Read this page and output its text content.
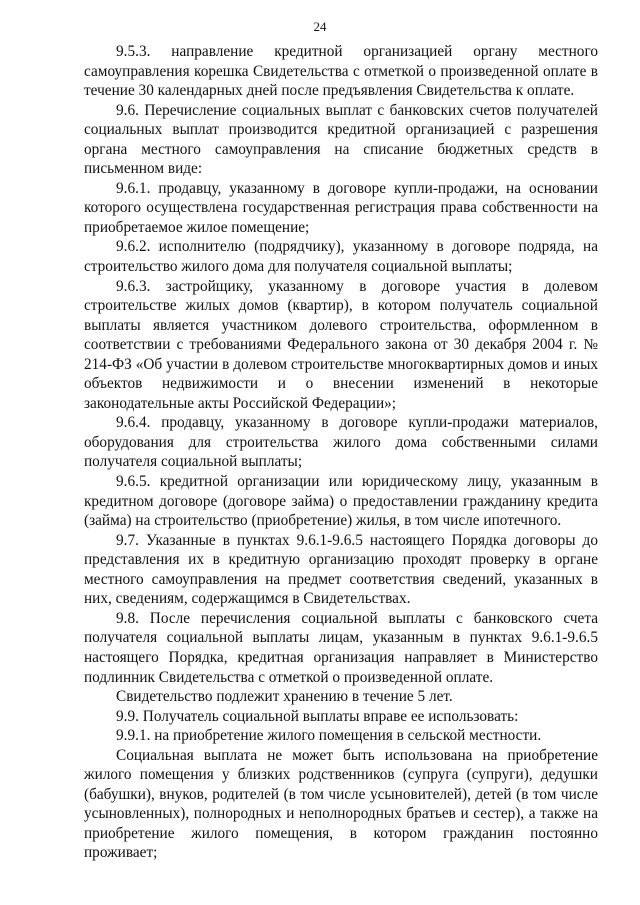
24

9.5.3. направление кредитной организацией органу местного самоуправления корешка Свидетельства с отметкой о произведенной оплате в течение 30 календарных дней после предъявления Свидетельства к оплате.

9.6. Перечисление социальных выплат с банковских счетов получателей социальных выплат производится кредитной организацией с разрешения органа местного самоуправления на списание бюджетных средств в письменном виде:

9.6.1. продавцу, указанному в договоре купли-продажи, на основании которого осуществлена государственная регистрация права собственности на приобретаемое жилое помещение;

9.6.2. исполнителю (подрядчику), указанному в договоре подряда, на строительство жилого дома для получателя социальной выплаты;

9.6.3. застройщику, указанному в договоре участия в долевом строительстве жилых домов (квартир), в котором получатель социальной выплаты является участником долевого строительства, оформленном в соответствии с требованиями Федерального закона от 30 декабря 2004 г. № 214-ФЗ «Об участии в долевом строительстве многоквартирных домов и иных объектов недвижимости и о внесении изменений в некоторые законодательные акты Российской Федерации»;

9.6.4. продавцу, указанному в договоре купли-продажи материалов, оборудования для строительства жилого дома собственными силами получателя социальной выплаты;

9.6.5. кредитной организации или юридическому лицу, указанным в кредитном договоре (договоре займа) о предоставлении гражданину кредита (займа) на строительство (приобретение) жилья, в том числе ипотечного.

9.7. Указанные в пунктах 9.6.1-9.6.5 настоящего Порядка договоры до представления их в кредитную организацию проходят проверку в органе местного самоуправления на предмет соответствия сведений, указанных в них, сведениям, содержащимся в Свидетельствах.

9.8. После перечисления социальной выплаты с банковского счета получателя социальной выплаты лицам, указанным в пунктах 9.6.1-9.6.5 настоящего Порядка, кредитная организация направляет в Министерство подлинник Свидетельства с отметкой о произведенной оплате.

Свидетельство подлежит хранению в течение 5 лет.

9.9. Получатель социальной выплаты вправе ее использовать:

9.9.1. на приобретение жилого помещения в сельской местности.

Социальная выплата не может быть использована на приобретение жилого помещения у близких родственников (супруга (супруги), дедушки (бабушки), внуков, родителей (в том числе усыновителей), детей (в том числе усыновленных), полнородных и неполнородных братьев и сестер), а также на приобретение жилого помещения, в котором гражданин постоянно проживает;
